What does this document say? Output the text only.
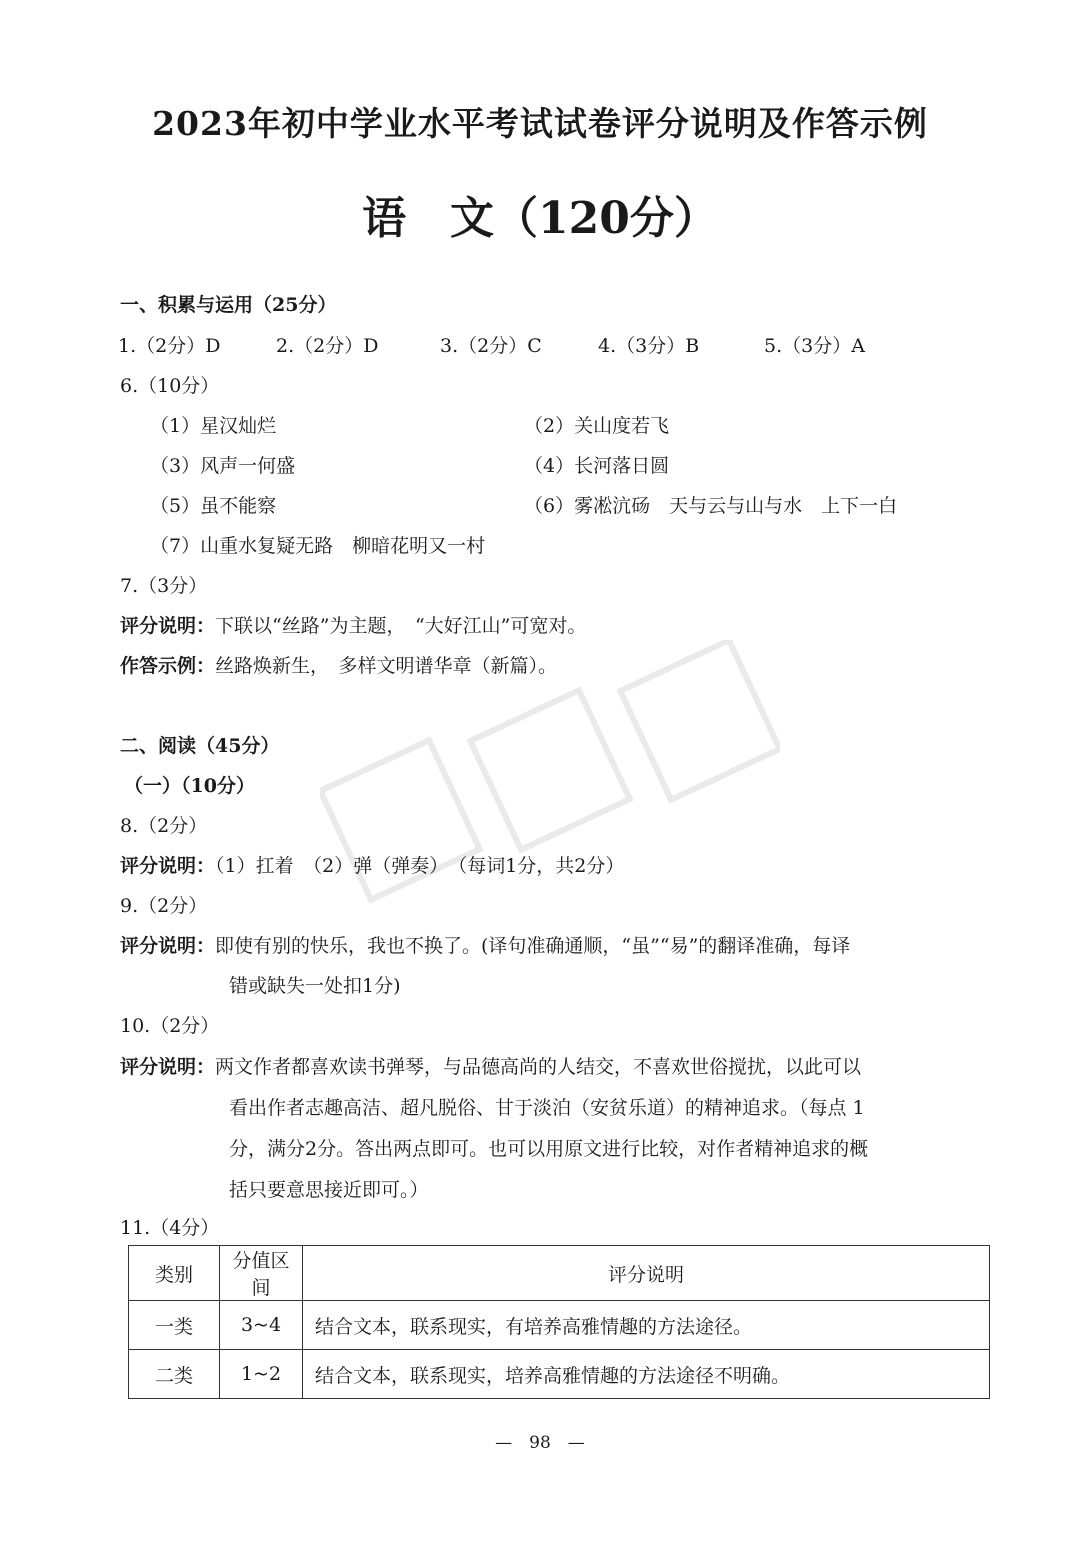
2023年初中学业水平考试试卷评分说明及作答示例
语　文（120分）
一、积累与运用（25分）
1.（2分）D	2.（2分）D	3.（2分）C	4.（3分）B	5.（3分）A
6.（10分）
（1）星汉灿烂	（2）关山度若飞
（3）风声一何盛	（4）长河落日圆
（5）虽不能察	（6）雾凇沆砀　天与云与山与水　上下一白
（7）山重水复疑无路　柳暗花明又一村
7.（3分）
评分说明：下联以“丝路”为主题，　“大好江山”可宽对。
作答示例：丝路焕新生，　多样文明谱华章（新篇）。
二、阅读（45分）
（一）（10分）
8.（2分）
评分说明：（1）扛着　（2）弹（弹奏）　（每词1分，共2分）
9.（2分）
评分说明：即使有别的快乐，我也不换了。(译句准确通顺，“虽”“易”的翻译准确，每译
错或缺失一处扣1分)
10.（2分）
评分说明：两文作者都喜欢读书弹琴，与品德高尚的人结交，不喜欢世俗搅扰，以此可以
看出作者志趣高洁、超凡脱俗、甘于淡泊（安贫乐道）的精神追求。（每点 1
分，满分2分。答出两点即可。也可以用原文进行比较，对作者精神追求的概
括只要意思接近即可。）
11.（4分）
类别	分值区间	评分说明
一类	3~4	结合文本，联系现实，有培养高雅情趣的方法途径。
二类	1~2	结合文本，联系现实，培养高雅情趣的方法途径不明确。
—　98　—
